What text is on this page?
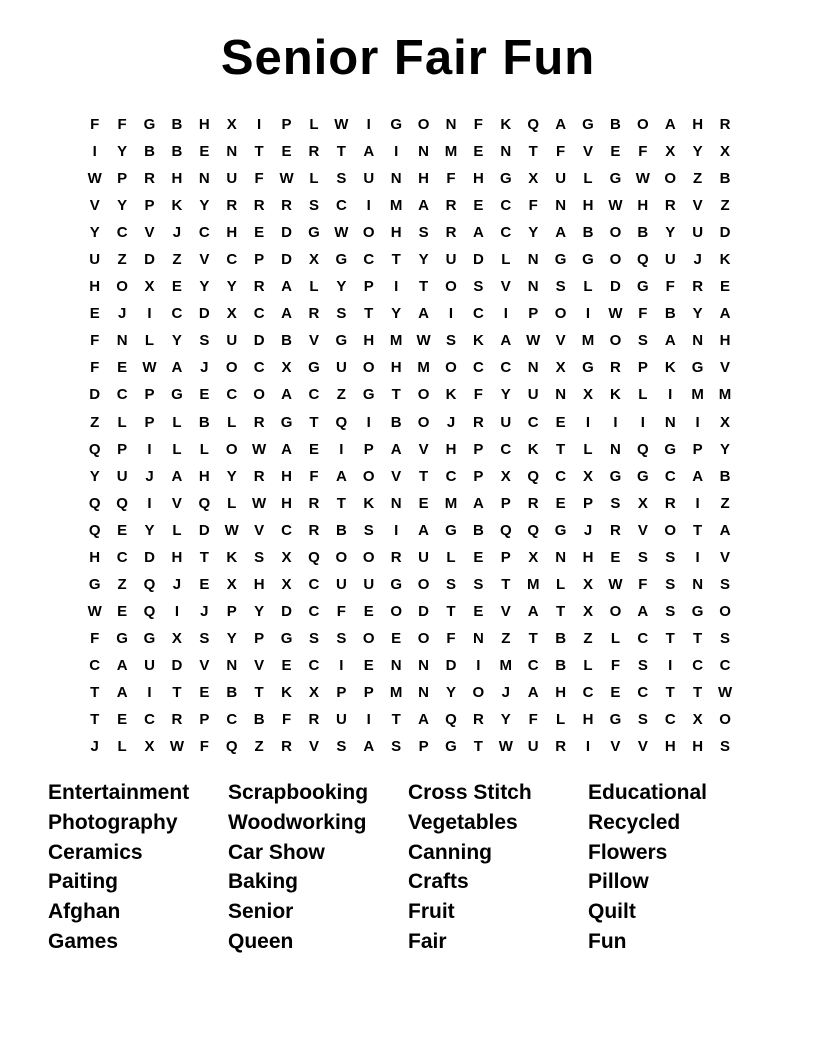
Senior Fair Fun
F	F	G	B	H	X	I	P	L	W	I	G	O	N	F	K	Q	A	G	B	O	A	H	R
I	Y	B	B	E	N	T	E	R	T	A	I	N	M	E	N	T	F	V	E	F	X	Y	X
W	P	R	H	N	U	F	W	L	S	U	N	H	F	H	G	X	U	L	G W O	Z	B
V	Y	P	K	Y	R	R	R	S	C	I	M	A	R	E	C	F	N	H W H	R	V	Z
Y	C	V	J	C	H	E	D	G W O	H	S	R	A	C	Y	A	B	O	B	Y	U	D
U	Z	D	Z	V	C	P	D	X	G	C	T	Y	U	D	L	N	G	G	O	Q	U	J	K
H	O	X	E	Y	Y	R	A	L	Y	P	I	T	O	S	V	N	S	L	D	G	F	R	E
E	J	I	C	D	X	C	A	R	S	T	Y	A	I	C	I	P	O	I	W	F	B	Y	A
F	N	L	Y	S	U	D	B	V	G	H	M W	S	K	A W	V	M	O	S	A	N	H
F	E	W A	J	O	C	X	G	U	O	H	M	O	C	C	N	X	G	R	P	K	G	V
D	C	P	G	E	C	O	A	C	Z	G	T	O	K	F	Y	U	N	X	K	L	I	M M
Z	L	P	L	B	L	R	G	T	Q	I	B	O	J	R	U	C	E	I	I	I	N	I	X
Q	P	I	L	L	O W A	E	I	P	A	V	H	P	C	K	T	L	N	Q	G	P	Y
Y	U	J	A	H	Y	R	H	F	A	O	V	T	C	P	X	Q	C	X	G	G	C	A	B
Q	Q	I	V	Q	L	W H	R	T	K	N	E	M	A	P	R	E	P	S	X	R	I	Z
Q	E	Y	L	D W	V	C	R	B	S	I	A	G	B	Q	Q	G	J	R	V	O	T	A
H	C	D	H	T	K	S	X	Q	O	O	R	U	L	E	P	X	N	H	E	S	S	I	V
G	Z	Q	J	E	X	H	X	C	U	U	G	O	S	S	T	M	L	X	W	F	S	N	S
W	E	Q	I	J	P	Y	D	C	F	E	O	D	T	E	V	A	T	X	O	A	S	G	O
F	G	G	X	S	Y	P	G	S	S	O	E	O	F	N	Z	T	B	Z	L	C	T	T	S
C	A	U	D	V	N	V	E	C	I	E	N	N	D	I	M	C	B	L	F	S	I	C	C
T	A	I	T	E	B	T	K	X	P	P	M	N	Y	O	J	A	H	C	E	C	T	T	W
T	E	C	R	P	C	B	F	R	U	I	T	A	Q	R	Y	F	L	H	G	S	C	X	O
J	L	X	W	F	Q	Z	R	V	S	A	S	P	G	T	W U	R	I	V	V	H	H	S
Entertainment
Photography
Ceramics
Paiting
Afghan
Games
Scrapbooking
Woodworking
Car Show
Baking
Senior
Queen
Cross Stitch
Vegetables
Canning
Crafts
Fruit
Fair
Educational
Recycled
Flowers
Pillow
Quilt
Fun
